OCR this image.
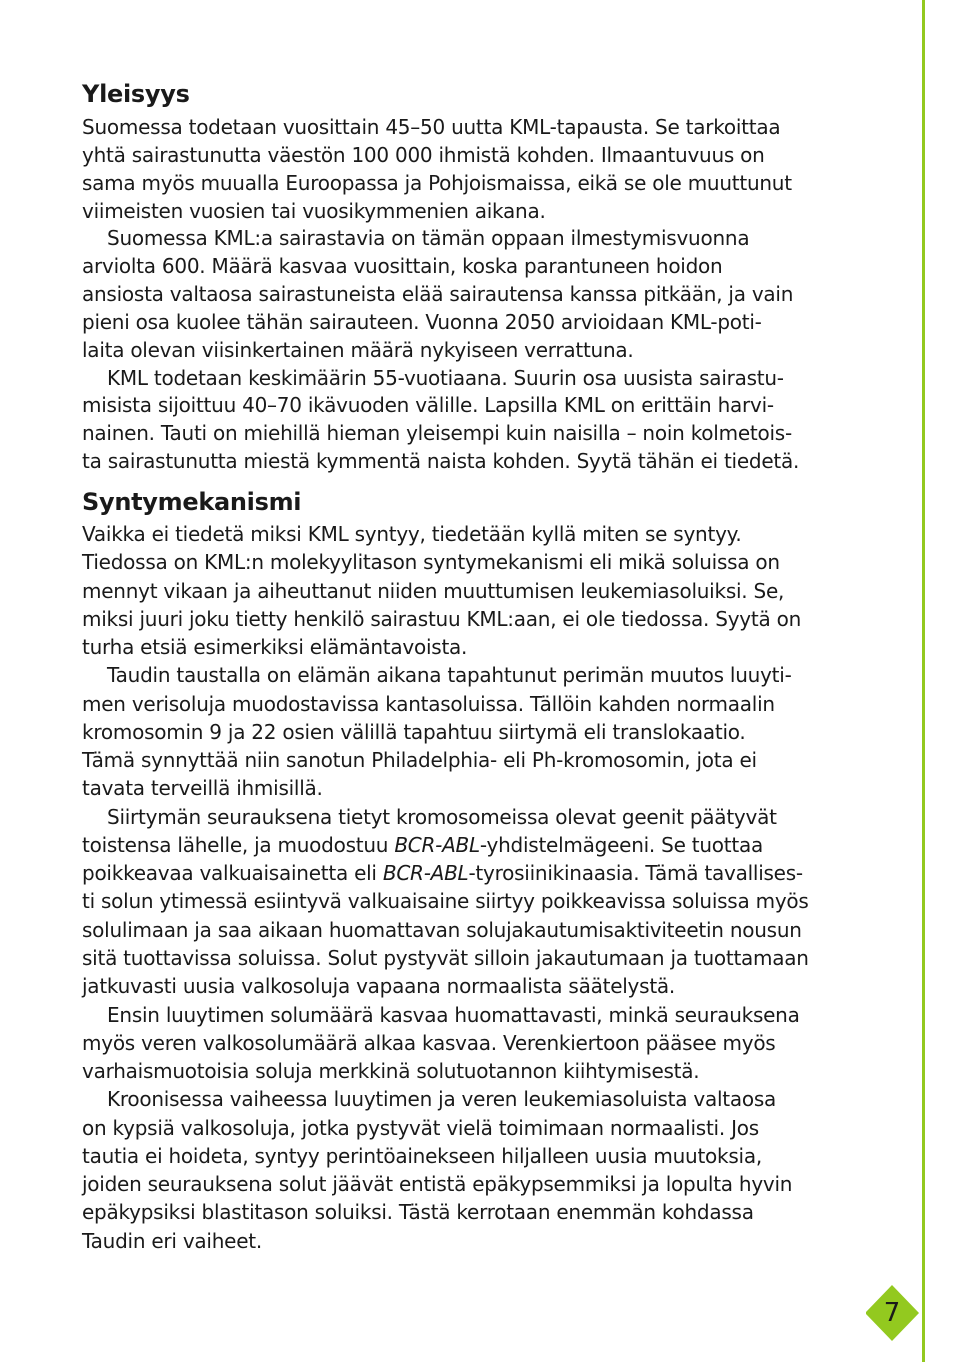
Yleisyys
Suomessa todetaan vuosittain 45–50 uutta KML-tapausta. Se tarkoittaa
yhtä sairastunutta väestön 100 000 ihmistä kohden. Ilmaantuvuus on
sama myös muualla Euroopassa ja Pohjoismaissa, eikä se ole muuttunut
viimeisten vuosien tai vuosikymmenien aikana.
Suomessa KML:a sairastavia on tämän oppaan ilmestymisvuonna
arviolta 600. Määrä kasvaa vuosittain, koska parantuneen hoidon
ansiosta valtaosa sairastuneista elää sairautensa kanssa pitkään, ja vain
pieni osa kuolee tähän sairauteen. Vuonna 2050 arvioidaan KML-poti-
laita olevan viisinkertainen määrä nykyiseen verrattuna.
KML todetaan keskimäärin 55-vuotiaana. Suurin osa uusista sairastu-
misista sijoittuu 40–70 ikävuoden välille. Lapsilla KML on erittäin harvi-
nainen. Tauti on miehillä hieman yleisempi kuin naisilla – noin kolmetois-
ta sairastunutta miestä kymmentä naista kohden. Syytä tähän ei tiedetä.
Syntymekanismi
Vaikka ei tiedetä miksi KML syntyy, tiedetään kyllä miten se syntyy.
Tiedossa on KML:n molekyylitason syntymekanismi eli mikä soluissa on
mennyt vikaan ja aiheuttanut niiden muuttumisen leukemiasoluiksi. Se,
miksi juuri joku tietty henkilö sairastuu KML:aan, ei ole tiedossa. Syytä on
turha etsiä esimerkiksi elämäntavoista.
Taudin taustalla on elämän aikana tapahtunut perimän muutos luuyti-
men verisoluja muodostavissa kantasoluissa. Tällöin kahden normaalin
kromosomin 9 ja 22 osien välillä tapahtuu siirtymä eli translokaatio.
Tämä synnyttää niin sanotun Philadelphia- eli Ph-kromosomin, jota ei
tavata terveillä ihmisillä.
Siirtymän seurauksena tietyt kromosomeissa olevat geenit päätyvät
toistensa lähelle, ja muodostuu BCR-ABL-yhdistelmägeeni. Se tuottaa
poikkeavaa valkuaisainetta eli BCR-ABL-tyrosiinikinaasia. Tämä tavallises-
ti solun ytimessä esiintyvä valkuaisaine siirtyy poikkeavissa soluissa myös
solulimaan ja saa aikaan huomattavan solujakautumisaktiviteetin nousun
sitä tuottavissa soluissa. Solut pystyvät silloin jakautumaan ja tuottamaan
jatkuvasti uusia valkosoluja vapaana normaalista säätelystä.
Ensin luuytimen solumäärä kasvaa huomattavasti, minkä seurauksena
myös veren valkosolumäärä alkaa kasvaa. Verenkiertoon pääsee myös
varhaismuotoisia soluja merkkinä solutuotannon kiihtymisestä.
Kroonisessa vaiheessa luuytimen ja veren leukemiasoluista valtaosa
on kypsiä valkosoluja, jotka pystyvät vielä toimimaan normaalisti. Jos
tautia ei hoideta, syntyy perintöainekseen hiljalleen uusia muutoksia,
joiden seurauksena solut jäävät entistä epäkypsemmiksi ja lopulta hyvin
epäkypsiksi blastitason soluiksi. Tästä kerrotaan enemmän kohdassa
Taudin eri vaiheet.
7
